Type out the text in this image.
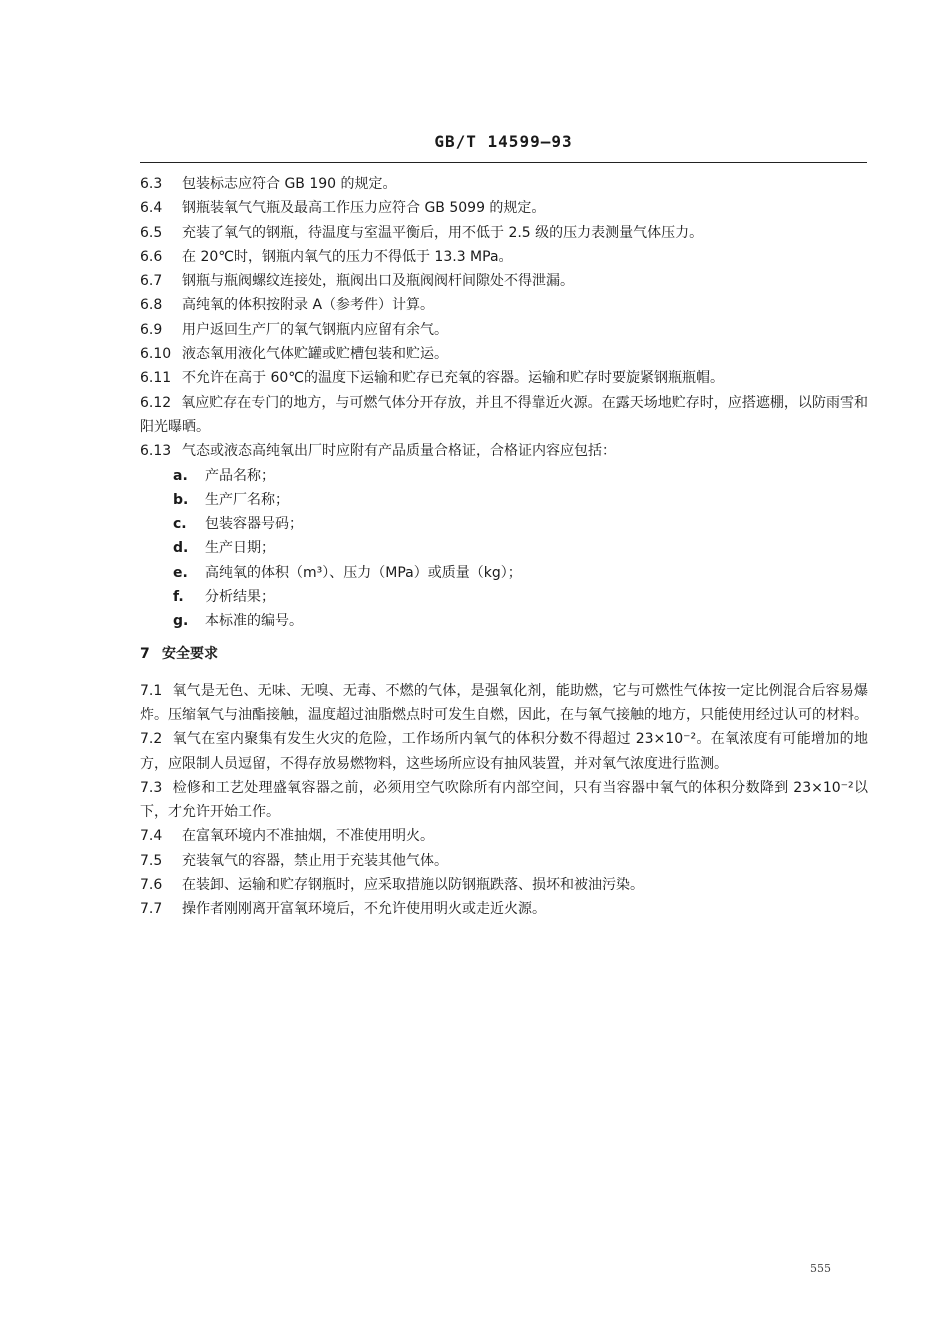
GB/T 14599—93
6.3 包装标志应符合 GB 190 的规定。
6.4 钢瓶装氧气气瓶及最高工作压力应符合 GB 5099 的规定。
6.5 充装了氧气的钢瓶，待温度与室温平衡后，用不低于 2.5 级的压力表测量气体压力。
6.6 在 20℃时，钢瓶内氧气的压力不得低于 13.3 MPa。
6.7 钢瓶与瓶阀螺纹连接处，瓶阀出口及瓶阀阀杆间隙处不得泄漏。
6.8 高纯氧的体积按附录 A（参考件）计算。
6.9 用户返回生产厂的氧气钢瓶内应留有余气。
6.10 液态氧用液化气体贮罐或贮槽包装和贮运。
6.11 不允许在高于 60℃的温度下运输和贮存已充氧的容器。运输和贮存时要旋紧钢瓶瓶帽。
6.12 氧应贮存在专门的地方，与可燃气体分开存放，并且不得靠近火源。在露天场地贮存时，应搭遮棚，以防雨雪和阳光曝晒。
6.13 气态或液态高纯氧出厂时应附有产品质量合格证，合格证内容应包括：
a. 产品名称；
b. 生产厂名称；
c. 包装容器号码；
d. 生产日期；
e. 高纯氧的体积（m³）、压力（MPa）或质量（kg）；
f. 分析结果；
g. 本标准的编号。
7 安全要求
7.1 氧气是无色、无味、无嗅、无毒、不燃的气体，是强氧化剂，能助燃，它与可燃性气体按一定比例混合后容易爆炸。压缩氧气与油酯接触，温度超过油脂燃点时可发生自燃，因此，在与氧气接触的地方，只能使用经过认可的材料。
7.2 氧气在室内聚集有发生火灾的危险，工作场所内氧气的体积分数不得超过 23×10⁻²。在氧浓度有可能增加的地方，应限制人员逗留，不得存放易燃物料，这些场所应设有抽风装置，并对氧气浓度进行监测。
7.3 检修和工艺处理盛氧容器之前，必须用空气吹除所有内部空间，只有当容器中氧气的体积分数降到 23×10⁻²以下，才允许开始工作。
7.4 在富氧环境内不准抽烟，不准使用明火。
7.5 充装氧气的容器，禁止用于充装其他气体。
7.6 在装卸、运输和贮存钢瓶时，应采取措施以防钢瓶跌落、损坏和被油污染。
7.7 操作者刚刚离开富氧环境后，不允许使用明火或走近火源。
555
